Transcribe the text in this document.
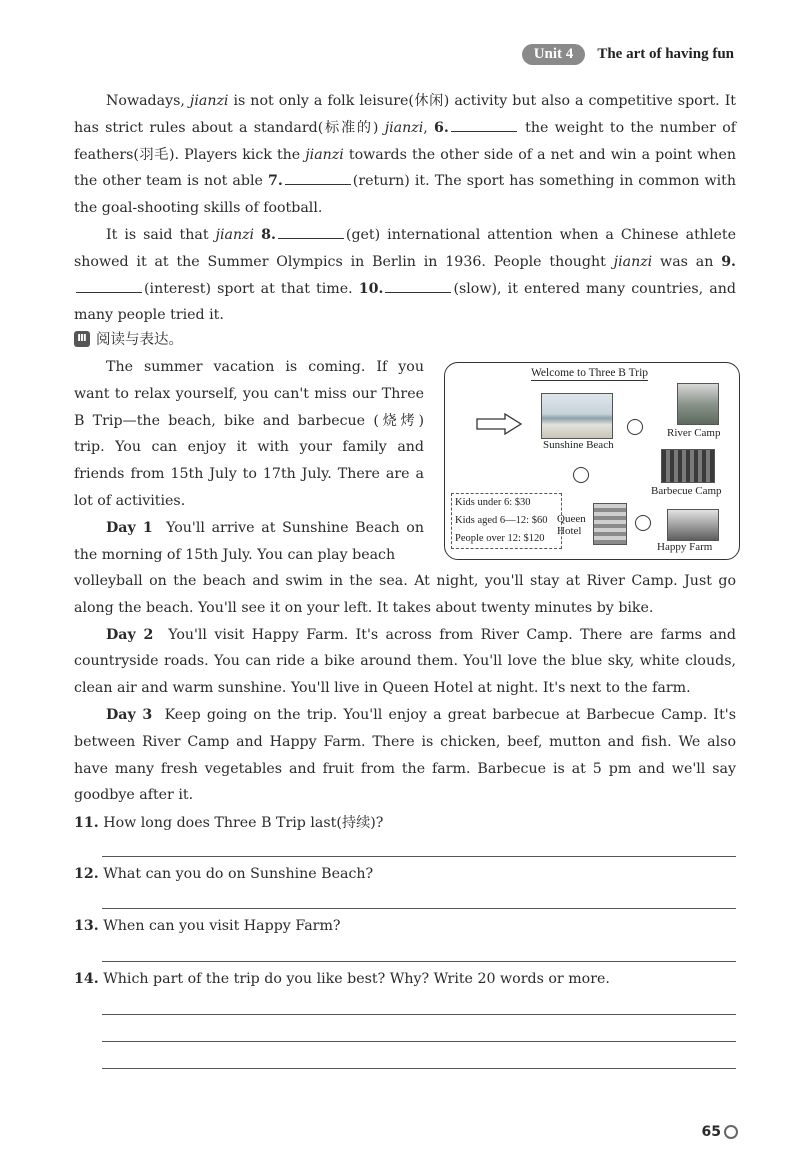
Unit 4	The art of having fun

Nowadays, jianzi is not only a folk leisure(休闲) activity but also a competitive sport. It has strict rules about a standard(标准的) jianzi, 6.	the weight to the number of feathers(羽毛). Players kick the jianzi towards the other side of a net and win a point when the other team is not able 7.	(return) it. The sport has something in common with the goal-shooting skills of football.

It is said that jianzi 8.	(get) international attention when a Chinese athlete showed it at the Summer Olympics in Berlin in 1936. People thought jianzi was an 9.(interest) sport at that time. 10.	(slow), it entered many countries, and many people tried it.

Ⅲ 阅读与表达。

The summer vacation is coming. If you want to relax yourself, you can't miss our Three B Trip—the beach, bike and barbecue (烧烤) trip. You can enjoy it with your family and friends from 15th July to 17th July. There are a lot of activities.

Day 1 You'll arrive at Sunshine Beach on the morning of 15th July. You can play beach

Welcome to Three B Trip
Sunshine Beach
River Camp
Barbecue Camp
Kids under 6: $30
Kids aged 6—12: $60
People over 12: $120
Queen
Hotel
Happy Farm

volleyball on the beach and swim in the sea. At night, you'll stay at River Camp. Just go along the beach. You'll see it on your left. It takes about twenty minutes by bike.

Day 2 You'll visit Happy Farm. It's across from River Camp. There are farms and countryside roads. You can ride a bike around them. You'll love the blue sky, white clouds, clean air and warm sunshine. You'll live in Queen Hotel at night. It's next to the farm.

Day 3 Keep going on the trip. You'll enjoy a great barbecue at Barbecue Camp. It's between River Camp and Happy Farm. There is chicken, beef, mutton and fish. We also have many fresh vegetables and fruit from the farm. Barbecue is at 5 pm and we'll say goodbye after it.

11. How long does Three B Trip last(持续)?
12. What can you do on Sunshine Beach?
13. When can you visit Happy Farm?
14. Which part of the trip do you like best? Why? Write 20 words or more.
65
